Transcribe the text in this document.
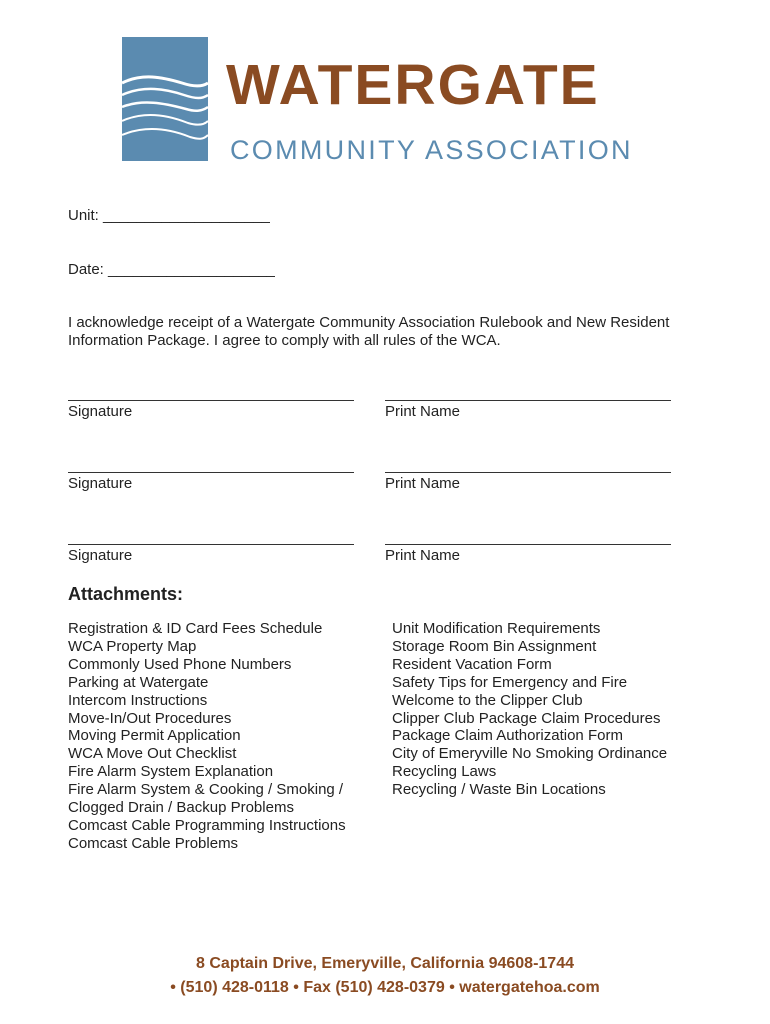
WATERGATE
COMMUNITY ASSOCIATION
Unit: ____________________
Date: ____________________
I acknowledge receipt of a Watergate Community Association Rulebook and New Resident Information Package. I agree to comply with all rules of the WCA.
Signature	Print Name
Signature	Print Name
Signature	Print Name
Attachments:
Registration & ID Card Fees Schedule
WCA Property Map
Commonly Used Phone Numbers
Parking at Watergate
Intercom Instructions
Move-In/Out Procedures
Moving Permit Application
WCA Move Out Checklist
Fire Alarm System Explanation
Fire Alarm System & Cooking / Smoking /
Clogged Drain / Backup Problems
Comcast Cable Programming Instructions
Comcast Cable Problems
Unit Modification Requirements
Storage Room Bin Assignment
Resident Vacation Form
Safety Tips for Emergency and Fire
Welcome to the Clipper Club
Clipper Club Package Claim Procedures
Package Claim Authorization Form
City of Emeryville No Smoking Ordinance
Recycling Laws
Recycling / Waste Bin Locations
8 Captain Drive, Emeryville, California 94608-1744
• (510) 428-0118 • Fax (510) 428-0379 • watergatehoa.com
